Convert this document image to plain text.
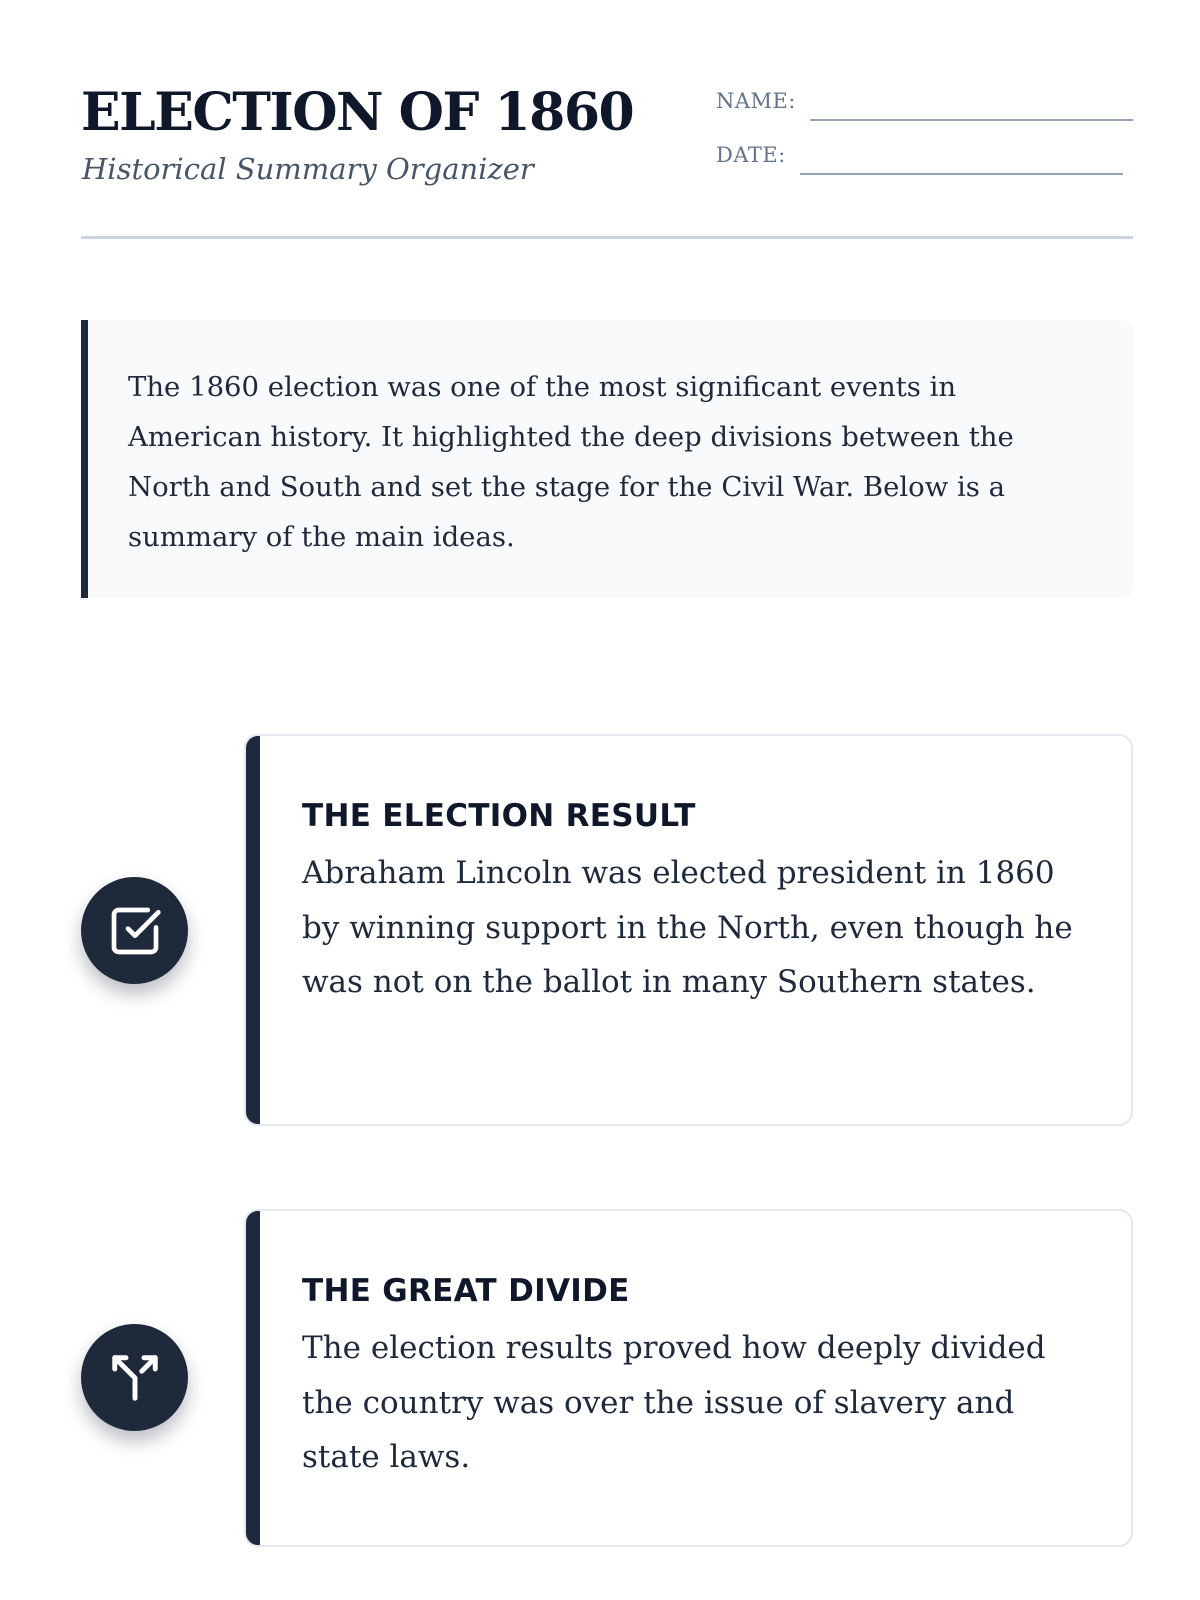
ELECTION OF 1860
Historical Summary Organizer
NAME:
DATE:

The 1860 election was one of the most significant events in American history. It highlighted the deep divisions between the North and South and set the stage for the Civil War. Below is a summary of the main ideas.

THE ELECTION RESULT

Abraham Lincoln was elected president in 1860 by winning support in the North, even though he was not on the ballot in many Southern states.

THE GREAT DIVIDE

The election results proved how deeply divided the country was over the issue of slavery and state laws.
